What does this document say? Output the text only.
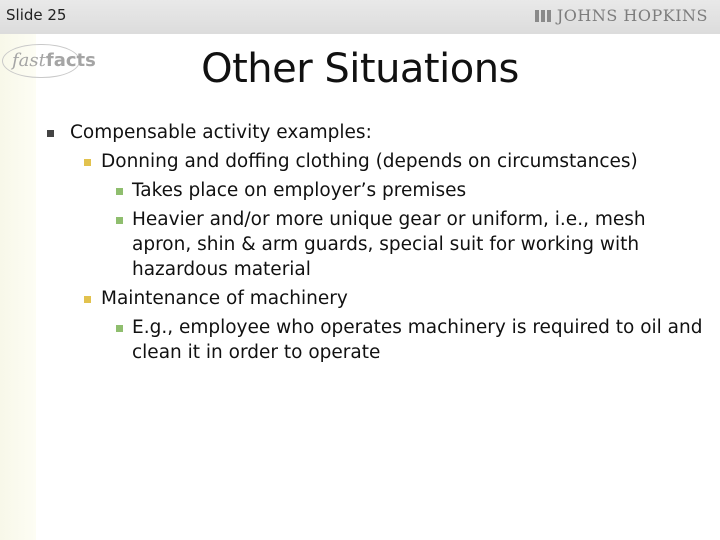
Slide 25	JOHNS HOPKINS
fastfacts	Other Situations
Compensable activity examples:
Donning and doffing clothing (depends on circumstances)
Takes place on employer’s premises
Heavier and/or more unique gear or uniform, i.e., mesh
apron, shin & arm guards, special suit for working with
hazardous material
Maintenance of machinery
E.g., employee who operates machinery is required to oil and
clean it in order to operate
